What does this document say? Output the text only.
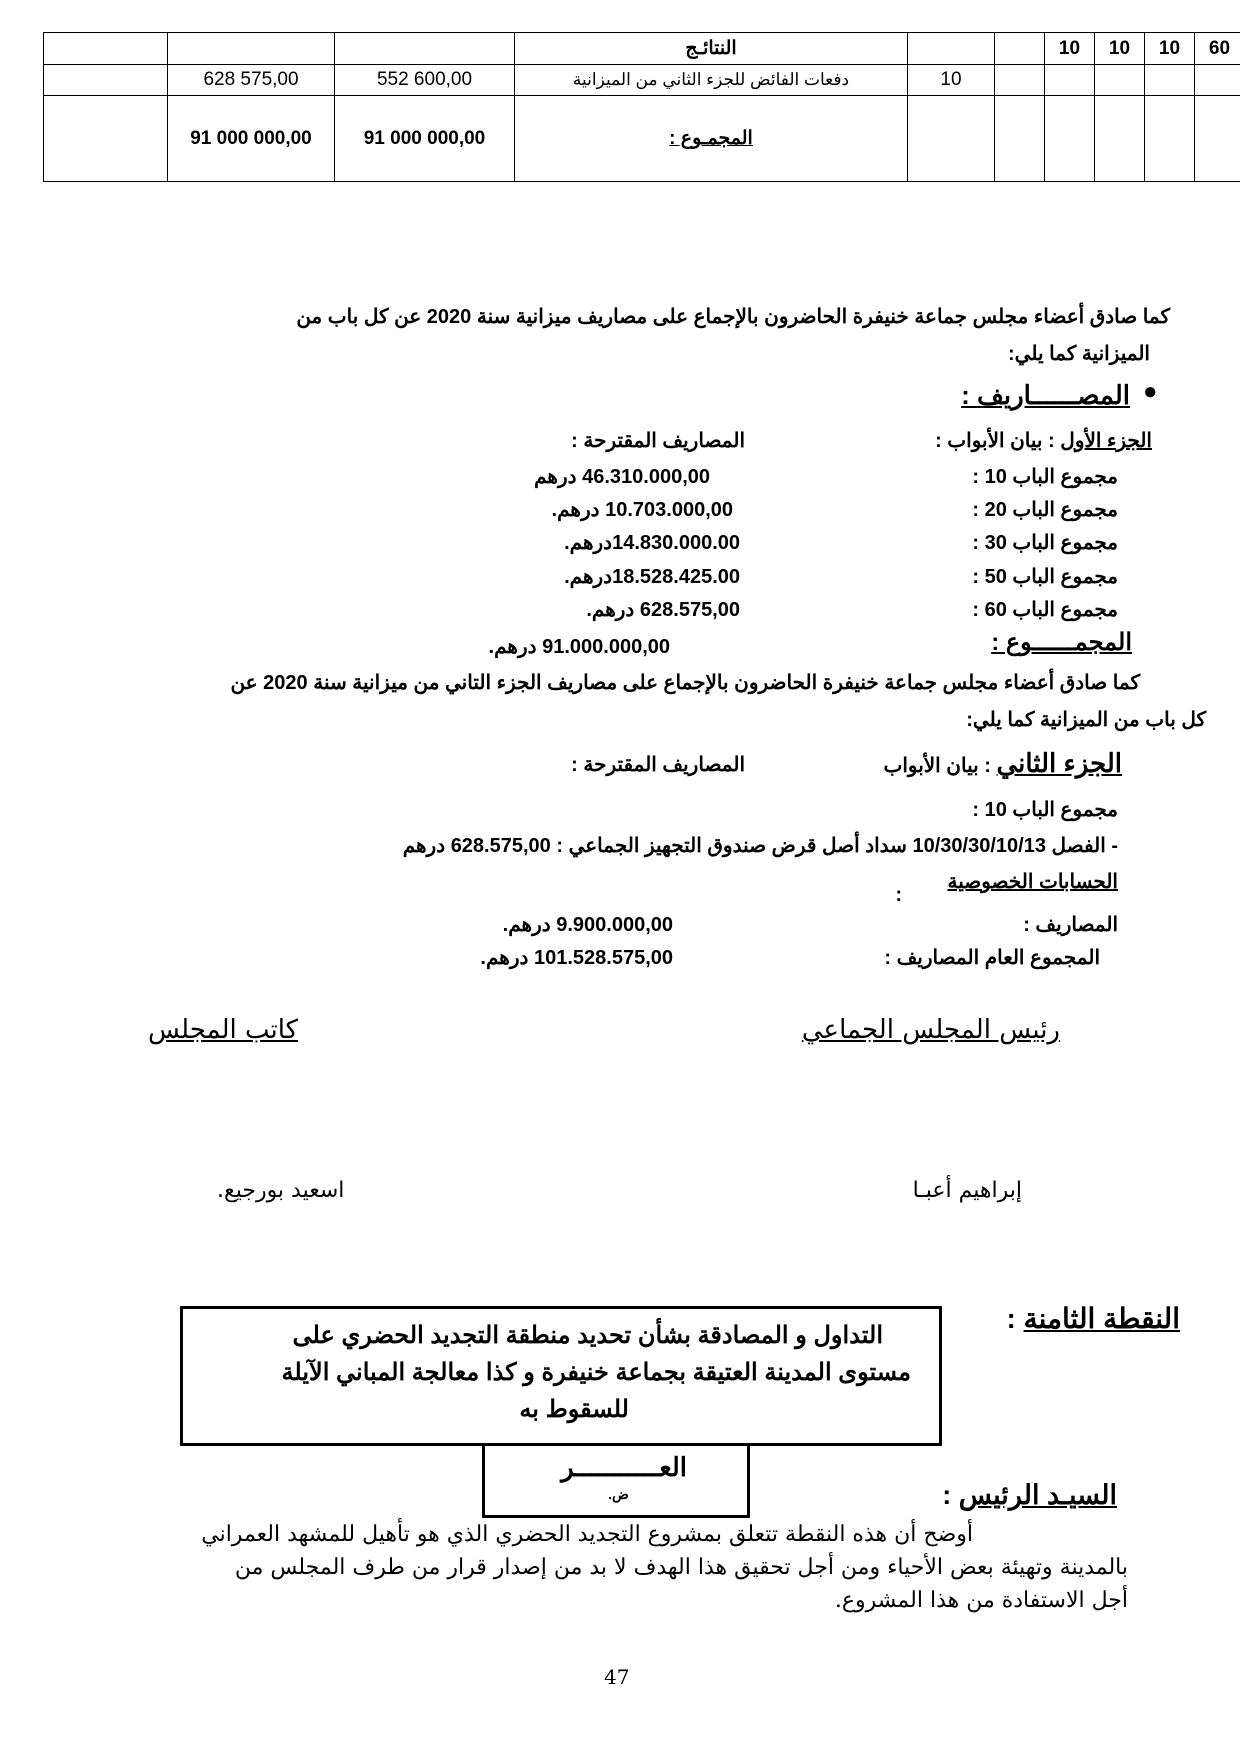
			النتائـج			10	10	10	60
	628 575,00	552 600,00	دفعات الفائض للجزء الثاني من الميزانية	10					
	91 000 000,00	91 000 000,00	المجمـوع :						
كما صادق أعضاء مجلس جماعة خنيفرة الحاضرون بالإجماع على مصاريف ميزانية سنة 2020 عن كل باب من
الميزانية كما يلي:
●
المصــــــاريف :
الجزء الأول : بيان الأبواب :
المصاريف المقترحة :
مجموع الباب 10 :
46.310.000,00 درهم
مجموع الباب 20 :
10.703.000,00 درهم.
مجموع الباب 30 :
14.830.000.00درهم.
مجموع الباب 50 :
18.528.425.00درهم.
مجموع الباب 60 :
628.575,00 درهم.
المجمــــــوع :
91.000.000,00 درهم.
كما صادق أعضاء مجلس جماعة خنيفرة الحاضرون بالإجماع على مصاريف الجزء التاني من ميزانية سنة 2020 عن
كل باب من الميزانية كما يلي:
الجزء الثاني : بيان الأبواب
المصاريف المقترحة :
مجموع الباب 10 :
- الفصل 10/30/30/10/13 سداد أصل قرض صندوق التجهيز الجماعي : 628.575,00 درهم
الحسابات الخصوصية
:
المصاريف :
9.900.000,00 درهم.
المجموع العام المصاريف :
101.528.575,00 درهم.
رئيس المجلس الجماعي
كاتب المجلس
إبراهيم أعبـا
اسعيد بورجيع.
النقطة الثامنة :
التداول و المصادقة بشأن تحديد منطقة التجديد الحضري على
مستوى المدينة العتيقة بجماعة خنيفرة و كذا معالجة المباني الآيلة
للسقوط به
العـــــــــــر
ض.	السيـد الرئيس :
أوضح أن هذه النقطة تتعلق بمشروع التجديد الحضري الذي هو تأهيل للمشهد العمراني
بالمدينة وتهيئة بعض الأحياء ومن أجل تحقيق هذا الهدف لا بد من إصدار قرار من طرف المجلس من
أجل الاستفادة من هذا المشروع.
47
